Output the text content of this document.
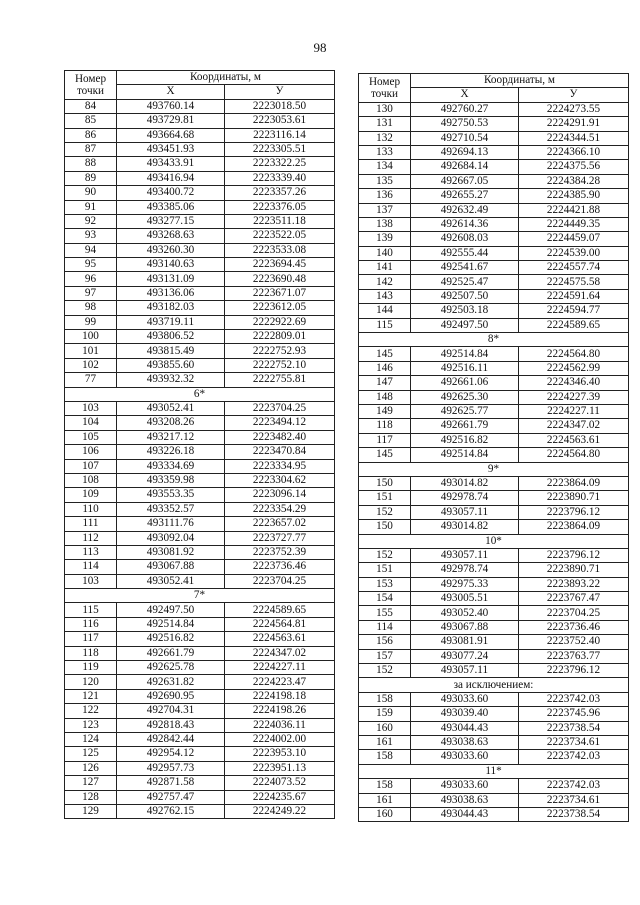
98
Номер точки	Координаты, м	
	X	У
84	493760.14	2223018.50
85	493729.81	2223053.61
86	493664.68	2223116.14
87	493451.93	2223305.51
88	493433.91	2223322.25
89	493416.94	2223339.40
90	493400.72	2223357.26
91	493385.06	2223376.05
92	493277.15	2223511.18
93	493268.63	2223522.05
94	493260.30	2223533.08
95	493140.63	2223694.45
96	493131.09	2223690.48
97	493136.06	2223671.07
98	493182.03	2223612.05
99	493719.11	2222922.69
100	493806.52	2222809.01
101	493815.49	2222752.93
102	493855.60	2222752.10
77	493932.32	2222755.81
6*		
103	493052.41	2223704.25
104	493208.26	2223494.12
105	493217.12	2223482.40
106	493226.18	2223470.84
107	493334.69	2223334.95
108	493359.98	2223304.62
109	493553.35	2223096.14
110	493352.57	2223354.29
111	493111.76	2223657.02
112	493092.04	2223727.77
113	493081.92	2223752.39
114	493067.88	2223736.46
103	493052.41	2223704.25
7*		
115	492497.50	2224589.65
116	492514.84	2224564.81
117	492516.82	2224563.61
118	492661.79	2224347.02
119	492625.78	2224227.11
120	492631.82	2224223.47
121	492690.95	2224198.18
122	492704.31	2224198.26
123	492818.43	2224036.11
124	492842.44	2224002.00
125	492954.12	2223953.10
126	492957.73	2223951.13
127	492871.58	2224073.52
128	492757.47	2224235.67
129	492762.15	2224249.22
Номер точки	Координаты, м	
	X	У
130	492760.27	2224273.55
131	492750.53	2224291.91
132	492710.54	2224344.51
133	492694.13	2224366.10
134	492684.14	2224375.56
135	492667.05	2224384.28
136	492655.27	2224385.90
137	492632.49	2224421.88
138	492614.36	2224449.35
139	492608.03	2224459.07
140	492555.44	2224539.00
141	492541.67	2224557.74
142	492525.47	2224575.58
143	492507.50	2224591.64
144	492503.18	2224594.77
115	492497.50	2224589.65
8*		
145	492514.84	2224564.80
146	492516.11	2224562.99
147	492661.06	2224346.40
148	492625.30	2224227.39
149	492625.77	2224227.11
118	492661.79	2224347.02
117	492516.82	2224563.61
145	492514.84	2224564.80
9*		
150	493014.82	2223864.09
151	492978.74	2223890.71
152	493057.11	2223796.12
150	493014.82	2223864.09
10*		
152	493057.11	2223796.12
151	492978.74	2223890.71
153	492975.33	2223893.22
154	493005.51	2223767.47
155	493052.40	2223704.25
114	493067.88	2223736.46
156	493081.91	2223752.40
157	493077.24	2223763.77
152	493057.11	2223796.12
за исключением:		
158	493033.60	2223742.03
159	493039.40	2223745.96
160	493044.43	2223738.54
161	493038.63	2223734.61
158	493033.60	2223742.03
11*		
158	493033.60	2223742.03
161	493038.63	2223734.61
160	493044.43	2223738.54
